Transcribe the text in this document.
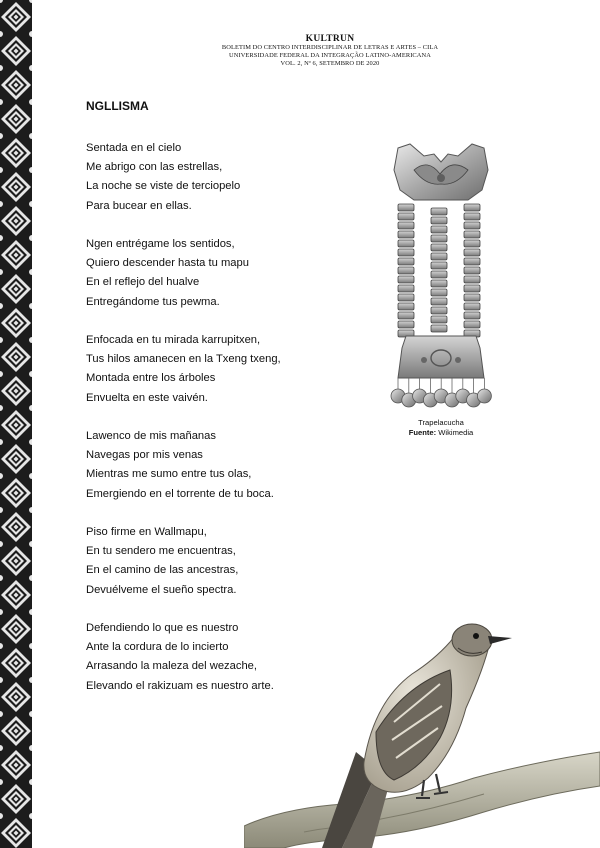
KULTRUN
BOLETIM DO CENTRO INTERDISCIPLINAR DE LETRAS E ARTES – CILA
UNIVERSIDADE FEDERAL DA INTEGRAÇÃO LATINO-AMERICANA
VOL. 2, Nº 6, SETEMBRO DE 2020
NGLLISMA
Sentada en el cielo
Me abrigo con las estrellas,
La noche se viste de terciopelo
Para bucear en ellas.
Ngen entrégame los sentidos,
Quiero descender hasta tu mapu
En el reflejo del hualve
Entregándome tus pewma.
Enfocada en tu mirada karrupitxen,
Tus hilos amanecen en la Txeng txeng,
Montada entre los árboles
Envuelta en este vaivén.
Lawenco de mis mañanas
Navegas por mis venas
Mientras me sumo entre tus olas,
Emergiendo en el torrente de tu boca.
Piso firme en Wallmapu,
En tu sendero me encuentras,
En el camino de las ancestras,
Devuélveme el sueño spectra.
Defendiendo lo que es nuestro
Ante la cordura de lo incierto
Arrasando la maleza del wezache,
Elevando el rakizuam es nuestro arte.
Trapelacucha
Fuente: Wikimedia
